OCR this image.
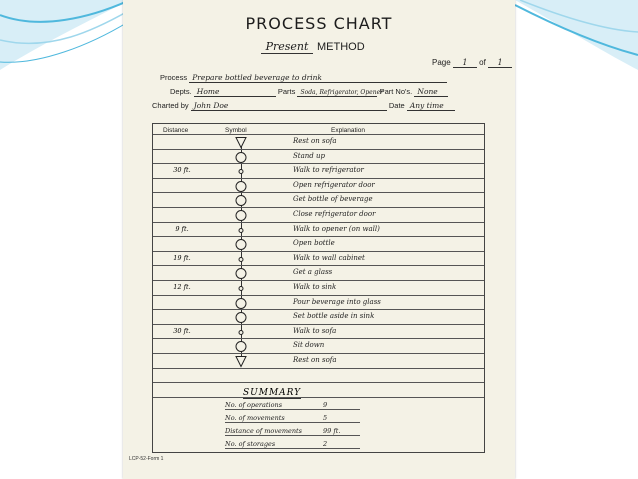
PROCESS CHART
Present METHOD
Page 1 of 1
Process Prepare bottled beverage to drink
Depts. Home	Parts Soda, Refrigerator, Opener Part No's. None
Charted by John Doe	Date Any time
Distance	Symbol	Explanation
Rest on sofa
Stand up
30 ft.	Walk to refrigerator
Open refrigerator door
Get bottle of beverage
Close refrigerator door
9 ft.	Walk to opener (on wall)
Open bottle
19 ft.	Walk to wall cabinet
Get a glass
12 ft.	Walk to sink
Pour beverage into glass
Set bottle aside in sink
30 ft.	Walk to sofa
Sit down
Rest on sofa
SUMMARY
No. of operations	9
No. of movements	5
Distance of movements	99 ft.
No. of storages	2
LCP-52-Form 1
